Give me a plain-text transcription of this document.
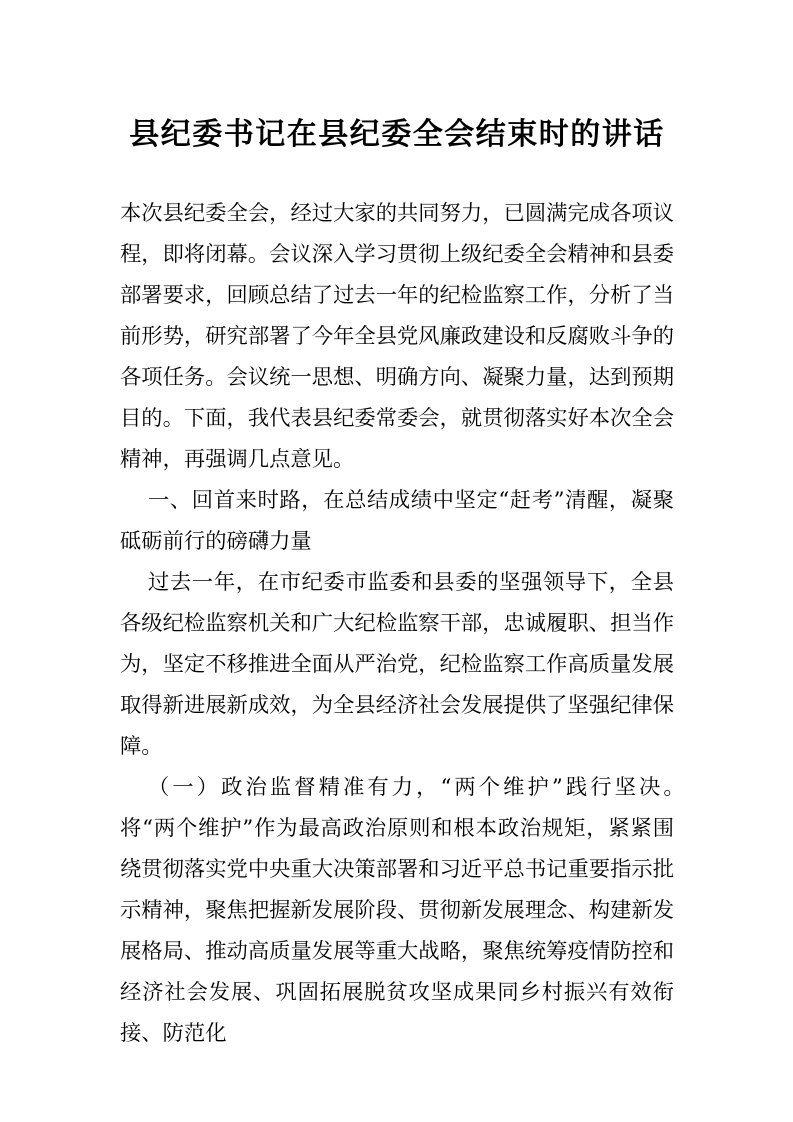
县纪委书记在县纪委全会结束时的讲话

本次县纪委全会，经过大家的共同努力，已圆满完成各项议程，即将闭幕。会议深入学习贯彻上级纪委全会精神和县委部署要求，回顾总结了过去一年的纪检监察工作，分析了当前形势，研究部署了今年全县党风廉政建设和反腐败斗争的各项任务。会议统一思想、明确方向、凝聚力量，达到预期目的。下面，我代表县纪委常委会，就贯彻落实好本次全会精神，再强调几点意见。

一、回首来时路，在总结成绩中坚定“赶考”清醒，凝聚砥砺前行的磅礴力量

过去一年，在市纪委市监委和县委的坚强领导下，全县各级纪检监察机关和广大纪检监察干部，忠诚履职、担当作为，坚定不移推进全面从严治党，纪检监察工作高质量发展取得新进展新成效，为全县经济社会发展提供了坚强纪律保障。

（一）政治监督精准有力，“两个维护”践行坚决。　将“两个维护”作为最高政治原则和根本政治规矩，紧紧围绕贯彻落实党中央重大决策部署和习近平总书记重要指示批示精神，聚焦把握新发展阶段、贯彻新发展理念、构建新发展格局、推动高质量发展等重大战略，聚焦统筹疫情防控和经济社会发展、巩固拓展脱贫攻坚成果同乡村振兴有效衔接、防范化
